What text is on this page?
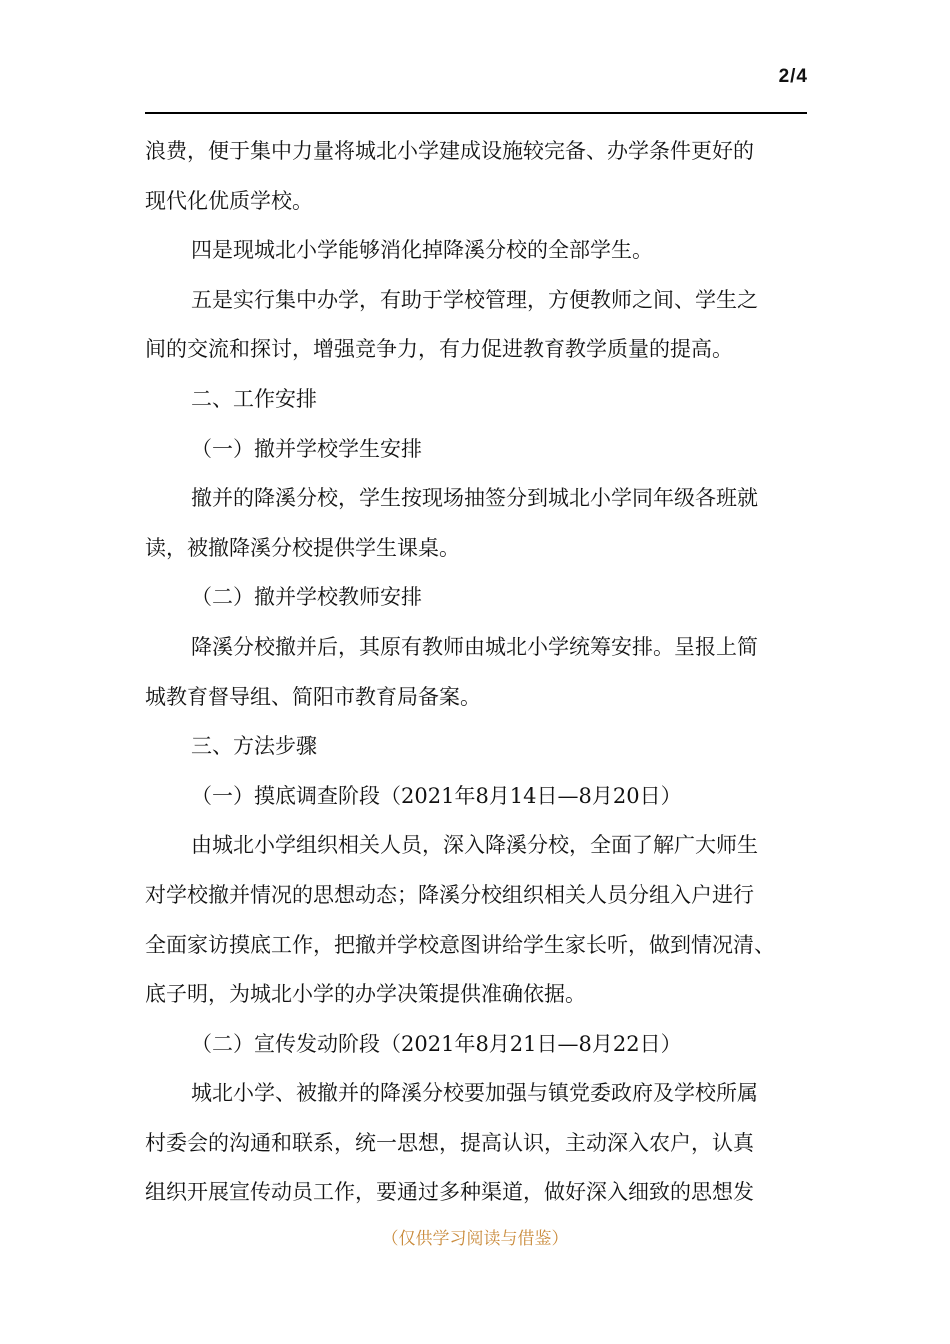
2/4
浪费，便于集中力量将城北小学建成设施较完备、办学条件更好的
现代化优质学校。
四是现城北小学能够消化掉降溪分校的全部学生。
五是实行集中办学，有助于学校管理，方便教师之间、学生之
间的交流和探讨，增强竞争力，有力促进教育教学质量的提高。
二、工作安排
（一）撤并学校学生安排
撤并的降溪分校，学生按现场抽签分到城北小学同年级各班就
读，被撤降溪分校提供学生课桌。
（二）撤并学校教师安排
降溪分校撤并后，其原有教师由城北小学统筹安排。呈报上简
城教育督导组、简阳市教育局备案。
三、方法步骤
（一）摸底调查阶段（2021年8月14日—8月20日）
由城北小学组织相关人员，深入降溪分校，全面了解广大师生
对学校撤并情况的思想动态；降溪分校组织相关人员分组入户进行
全面家访摸底工作，把撤并学校意图讲给学生家长听，做到情况清、
底子明，为城北小学的办学决策提供准确依据。
（二）宣传发动阶段（2021年8月21日—8月22日）
城北小学、被撤并的降溪分校要加强与镇党委政府及学校所属
村委会的沟通和联系，统一思想，提高认识，主动深入农户，认真
组织开展宣传动员工作，要通过多种渠道，做好深入细致的思想发
（仅供学习阅读与借鉴）
